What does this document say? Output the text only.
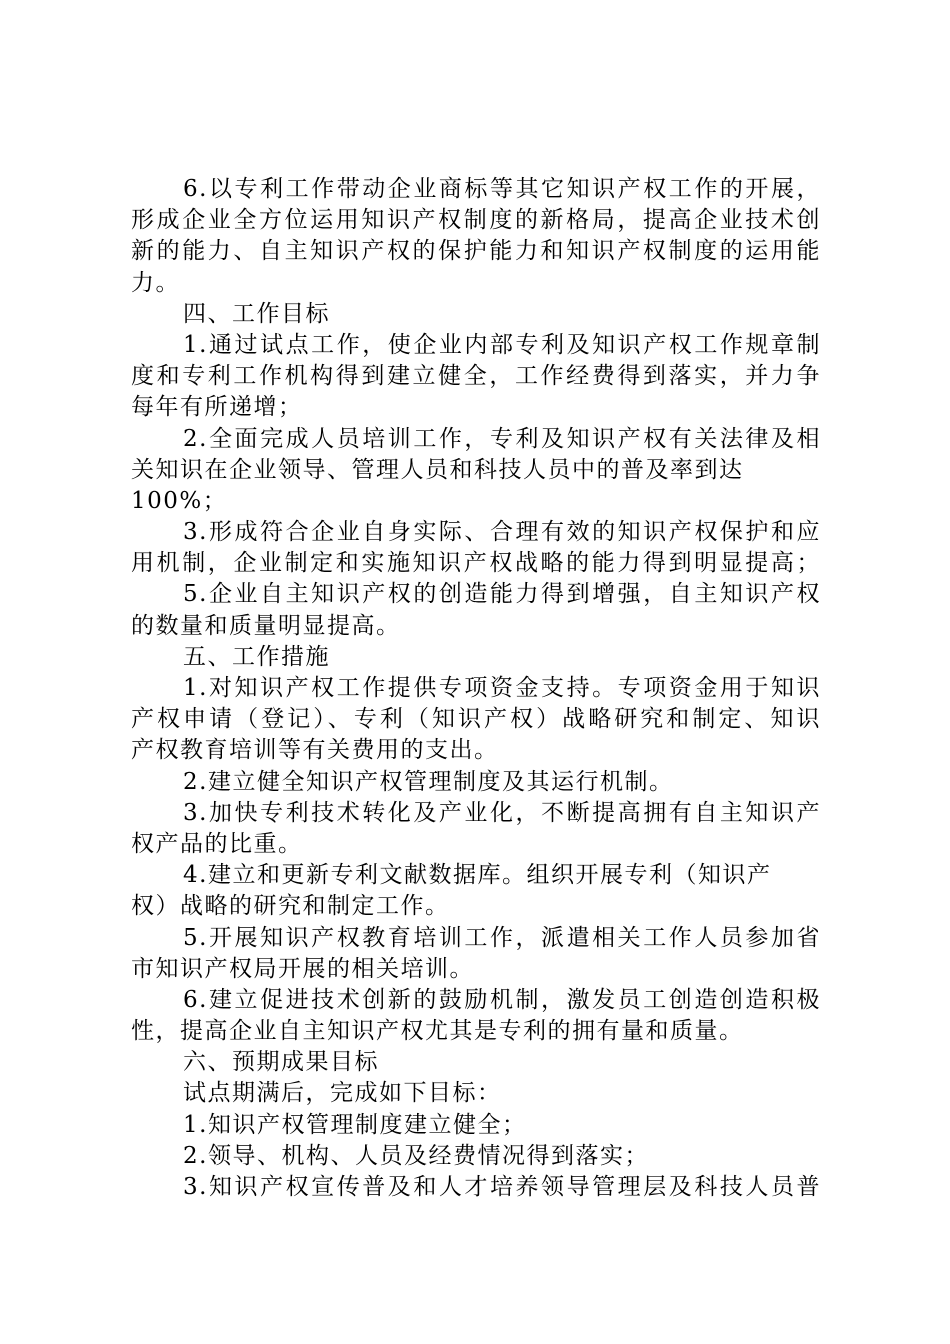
6.以专利工作带动企业商标等其它知识产权工作的开展，
形成企业全方位运用知识产权制度的新格局，提高企业技术创
新的能力、自主知识产权的保护能力和知识产权制度的运用能
力。
四、工作目标
1.通过试点工作，使企业内部专利及知识产权工作规章制
度和专利工作机构得到建立健全，工作经费得到落实，并力争
每年有所递增；
2.全面完成人员培训工作，专利及知识产权有关法律及相
关知识在企业领导、管理人员和科技人员中的普及率到达
100%；
3.形成符合企业自身实际、合理有效的知识产权保护和应
用机制，企业制定和实施知识产权战略的能力得到明显提高；
5.企业自主知识产权的创造能力得到增强，自主知识产权
的数量和质量明显提高。
五、工作措施
1.对知识产权工作提供专项资金支持。专项资金用于知识
产权申请（登记）、专利（知识产权）战略研究和制定、知识
产权教育培训等有关费用的支出。
2.建立健全知识产权管理制度及其运行机制。
3.加快专利技术转化及产业化，不断提高拥有自主知识产
权产品的比重。
4.建立和更新专利文献数据库。组织开展专利（知识产
权）战略的研究和制定工作。
5.开展知识产权教育培训工作，派遣相关工作人员参加省
市知识产权局开展的相关培训。
6.建立促进技术创新的鼓励机制，激发员工创造创造积极
性，提高企业自主知识产权尤其是专利的拥有量和质量。
六、预期成果目标
试点期满后，完成如下目标：
1.知识产权管理制度建立健全；
2.领导、机构、人员及经费情况得到落实；
3.知识产权宣传普及和人才培养领导管理层及科技人员普
